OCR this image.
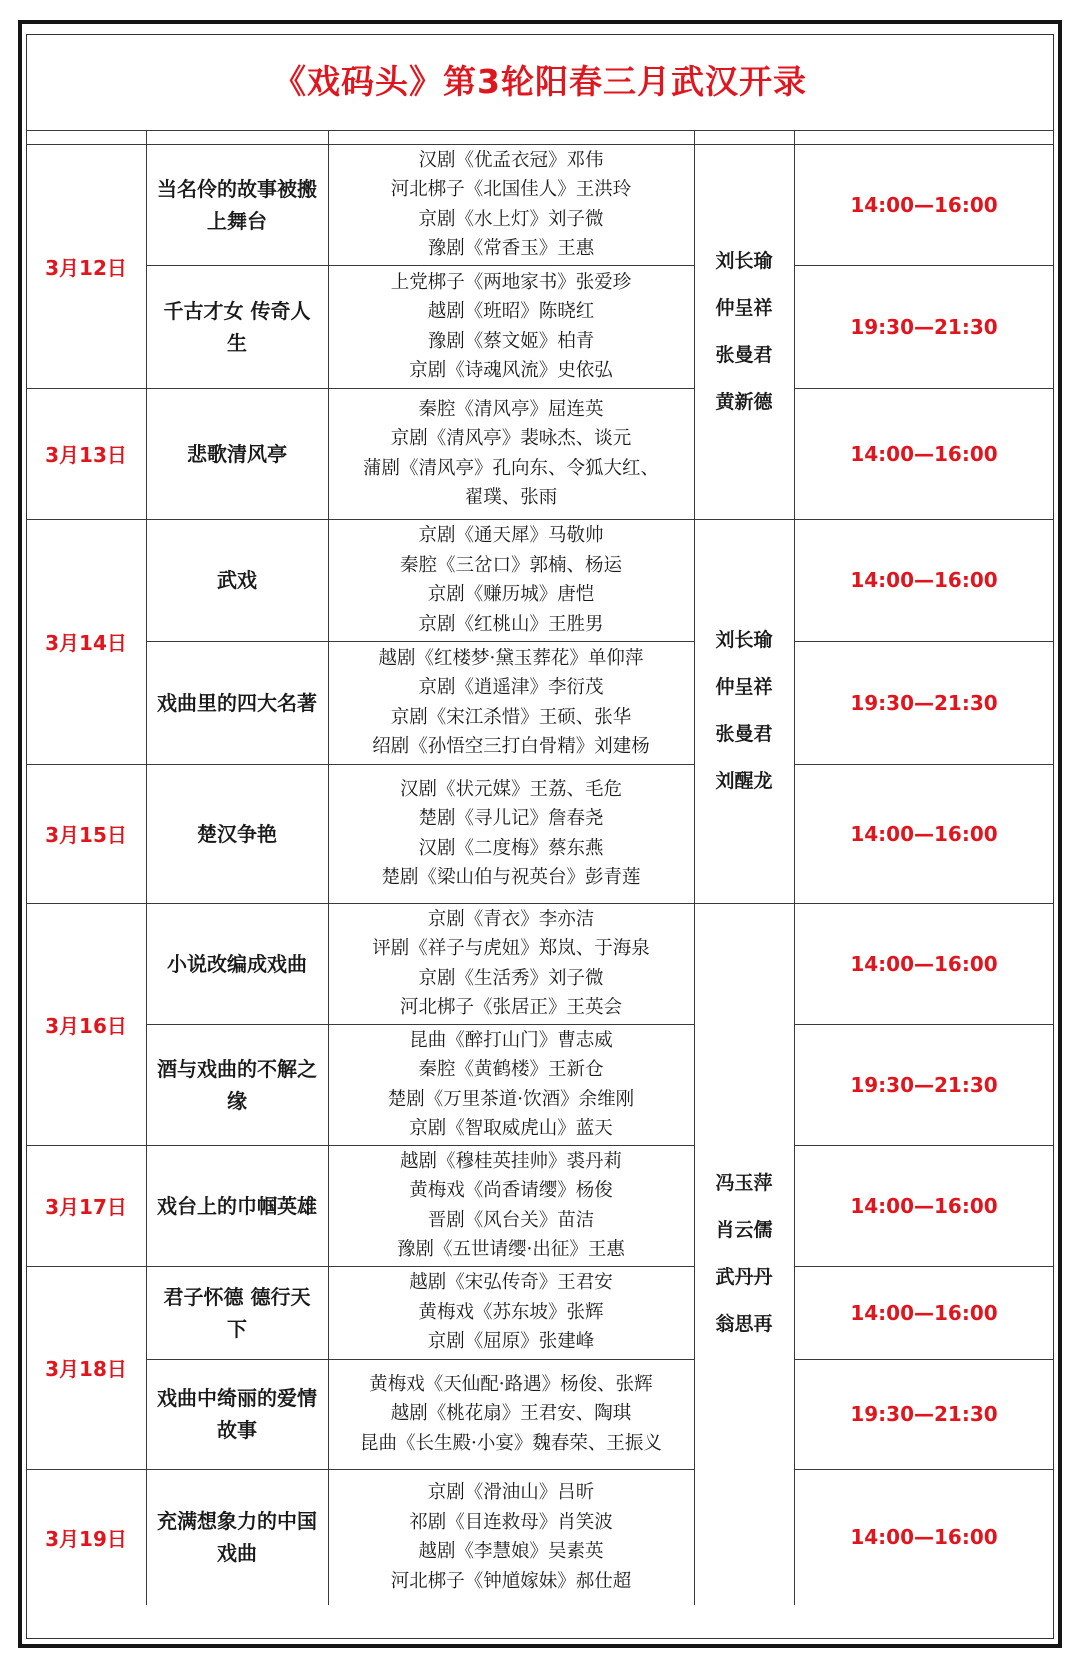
《戏码头》第3轮阳春三月武汉开录
3月12日
3月13日
3月14日
3月15日
3月16日
3月17日
3月18日
3月19日
当名伶的故事被搬上舞台
汉剧《优孟衣冠》邓伟
河北梆子《北国佳人》王洪玲
京剧《水上灯》刘子微
豫剧《常香玉》王惠
14:00—16:00
千古才女 传奇人生
上党梆子《两地家书》张爱珍
越剧《班昭》陈晓红
豫剧《蔡文姬》柏青
京剧《诗魂风流》史依弘
19:30—21:30
悲歌清风亭
秦腔《清风亭》屈连英
京剧《清风亭》裴咏杰、谈元
蒲剧《清风亭》孔向东、令狐大红、
翟璞、张雨
14:00—16:00
武戏
京剧《通天犀》马敬帅
秦腔《三岔口》郭楠、杨运
京剧《赚历城》唐恺
京剧《红桃山》王胜男
14:00—16:00
戏曲里的四大名著
越剧《红楼梦·黛玉葬花》单仰萍
京剧《逍遥津》李衍茂
京剧《宋江杀惜》王硕、张华
绍剧《孙悟空三打白骨精》刘建杨
19:30—21:30
楚汉争艳
汉剧《状元媒》王荔、毛危
楚剧《寻儿记》詹春尧
汉剧《二度梅》蔡东燕
楚剧《梁山伯与祝英台》彭青莲
14:00—16:00
小说改编成戏曲
京剧《青衣》李亦洁
评剧《祥子与虎妞》郑岚、于海泉
京剧《生活秀》刘子微
河北梆子《张居正》王英会
14:00—16:00
酒与戏曲的不解之缘
昆曲《醉打山门》曹志威
秦腔《黄鹤楼》王新仓
楚剧《万里茶道·饮酒》余维刚
京剧《智取威虎山》蓝天
19:30—21:30
戏台上的巾帼英雄
越剧《穆桂英挂帅》裘丹莉
黄梅戏《尚香请缨》杨俊
晋剧《风台关》苗洁
豫剧《五世请缨·出征》王惠
14:00—16:00
君子怀德 德行天下
越剧《宋弘传奇》王君安
黄梅戏《苏东坡》张辉
京剧《屈原》张建峰
14:00—16:00
戏曲中绮丽的爱情故事
黄梅戏《天仙配·路遇》杨俊、张辉
越剧《桃花扇》王君安、陶琪
昆曲《长生殿·小宴》魏春荣、王振义
19:30—21:30
充满想象力的中国戏曲
京剧《滑油山》吕昕
祁剧《目连救母》肖笑波
越剧《李慧娘》吴素英
河北梆子《钟馗嫁妹》郝仕超
14:00—16:00
刘长瑜
仲呈祥
张曼君
黄新德
刘长瑜
仲呈祥
张曼君
刘醒龙
冯玉萍
肖云儒
武丹丹
翁思再
